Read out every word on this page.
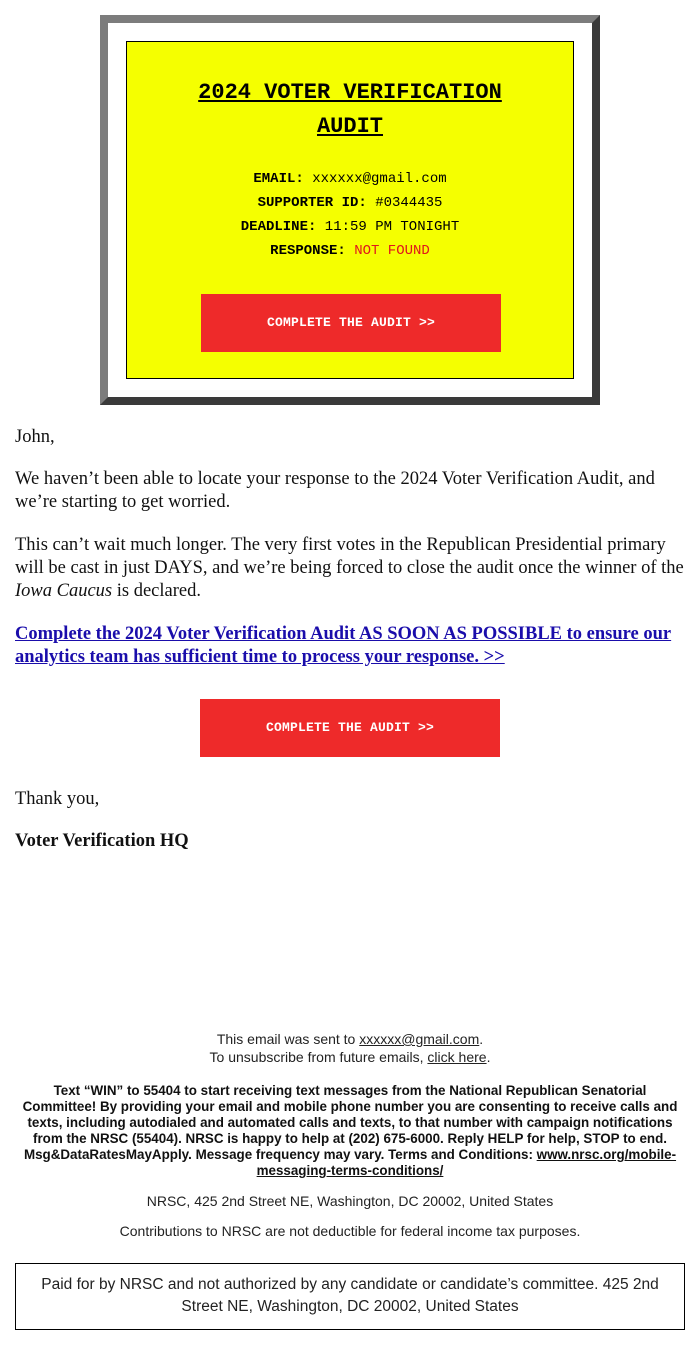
2024 VOTER VERIFICATION
AUDIT
EMAIL: xxxxxx@gmail.com
SUPPORTER ID: #0344435
DEADLINE: 11:59 PM TONIGHT
RESPONSE: NOT FOUND
COMPLETE THE AUDIT >>

John,

We haven’t been able to locate your response to the 2024 Voter Verification Audit, and we’re starting to get worried.

This can’t wait much longer. The very first votes in the Republican Presidential primary will be cast in just DAYS, and we’re being forced to close the audit once the winner of the Iowa Caucus is declared.

Complete the 2024 Voter Verification Audit AS SOON AS POSSIBLE to ensure our analytics team has sufficient time to process your response. >>
COMPLETE THE AUDIT >>

Thank you,

Voter Verification HQ

This email was sent to xxxxxx@gmail.com.
To unsubscribe from future emails, click here.

Text “WIN” to 55404 to start receiving text messages from the National Republican Senatorial Committee! By providing your email and mobile phone number you are consenting to receive calls and texts, including autodialed and automated calls and texts, to that number with campaign notifications from the NRSC (55404). NRSC is happy to help at (202) 675-6000. Reply HELP for help, STOP to end. Msg&DataRatesMayApply. Message frequency may vary. Terms and Conditions: www.nrsc.org/mobile-messaging-terms-conditions/

NRSC, 425 2nd Street NE, Washington, DC 20002, United States

Contributions to NRSC are not deductible for federal income tax purposes.

Paid for by NRSC and not authorized by any candidate or candidate’s committee. 425 2nd Street NE, Washington, DC 20002, United States
